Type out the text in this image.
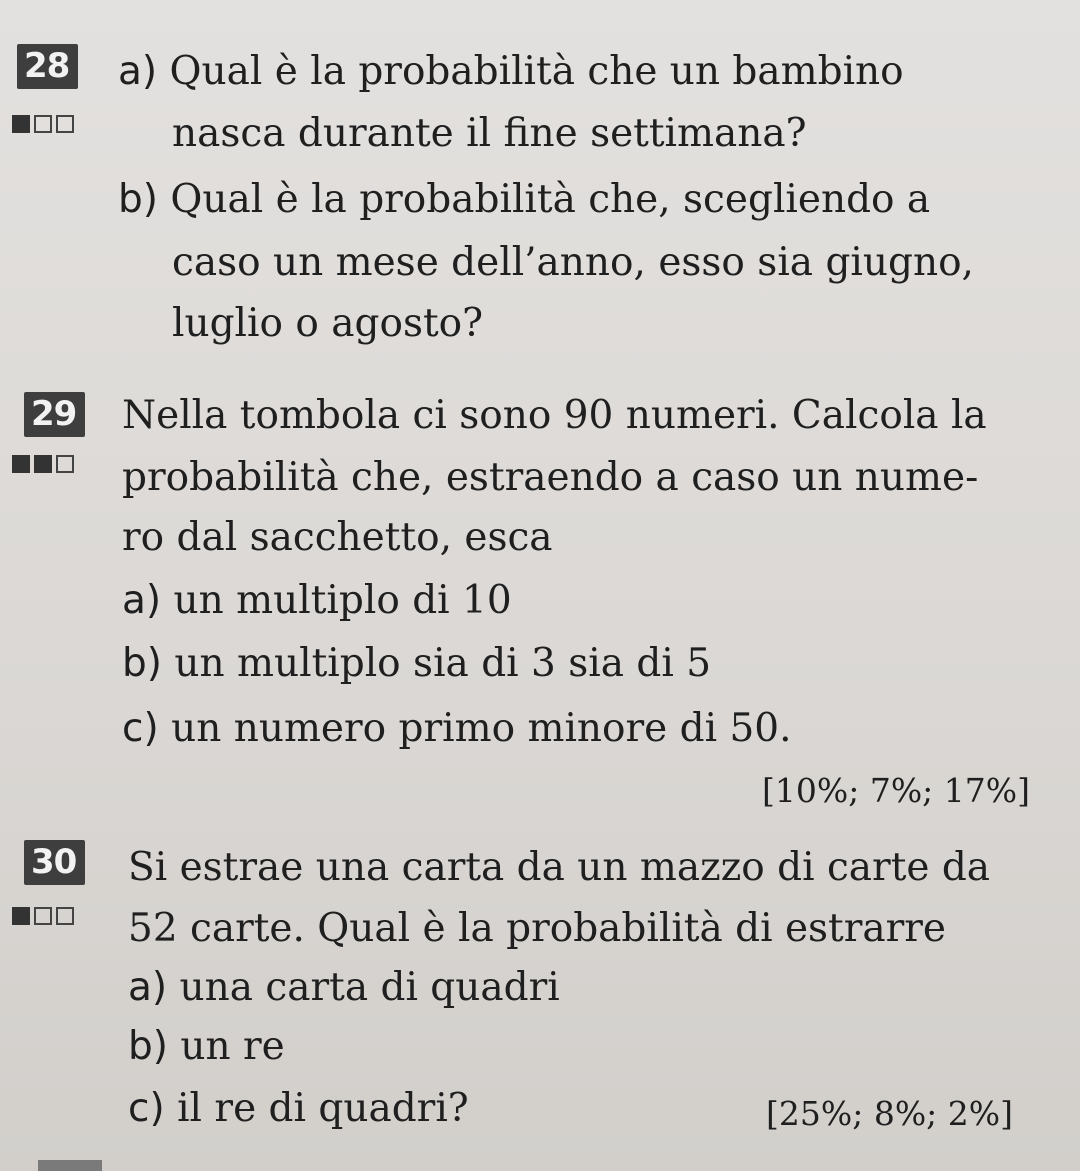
28 a) Qual è la probabilità che un bambino
nasca durante il fine settimana?
b) Qual è la probabilità che, scegliendo a
caso un mese dell’anno, esso sia giugno,
luglio o agosto?
29 Nella tombola ci sono 90 numeri. Calcola la
probabilità che, estraendo a caso un nume-
ro dal sacchetto, esca
a) un multiplo di 10
b) un multiplo sia di 3 sia di 5
c) un numero primo minore di 50.
[10%; 7%; 17%]
30 Si estrae una carta da un mazzo di carte da
52 carte. Qual è la probabilità di estrarre
a) una carta di quadri
b) un re
c) il re di quadri?	[25%; 8%; 2%]
